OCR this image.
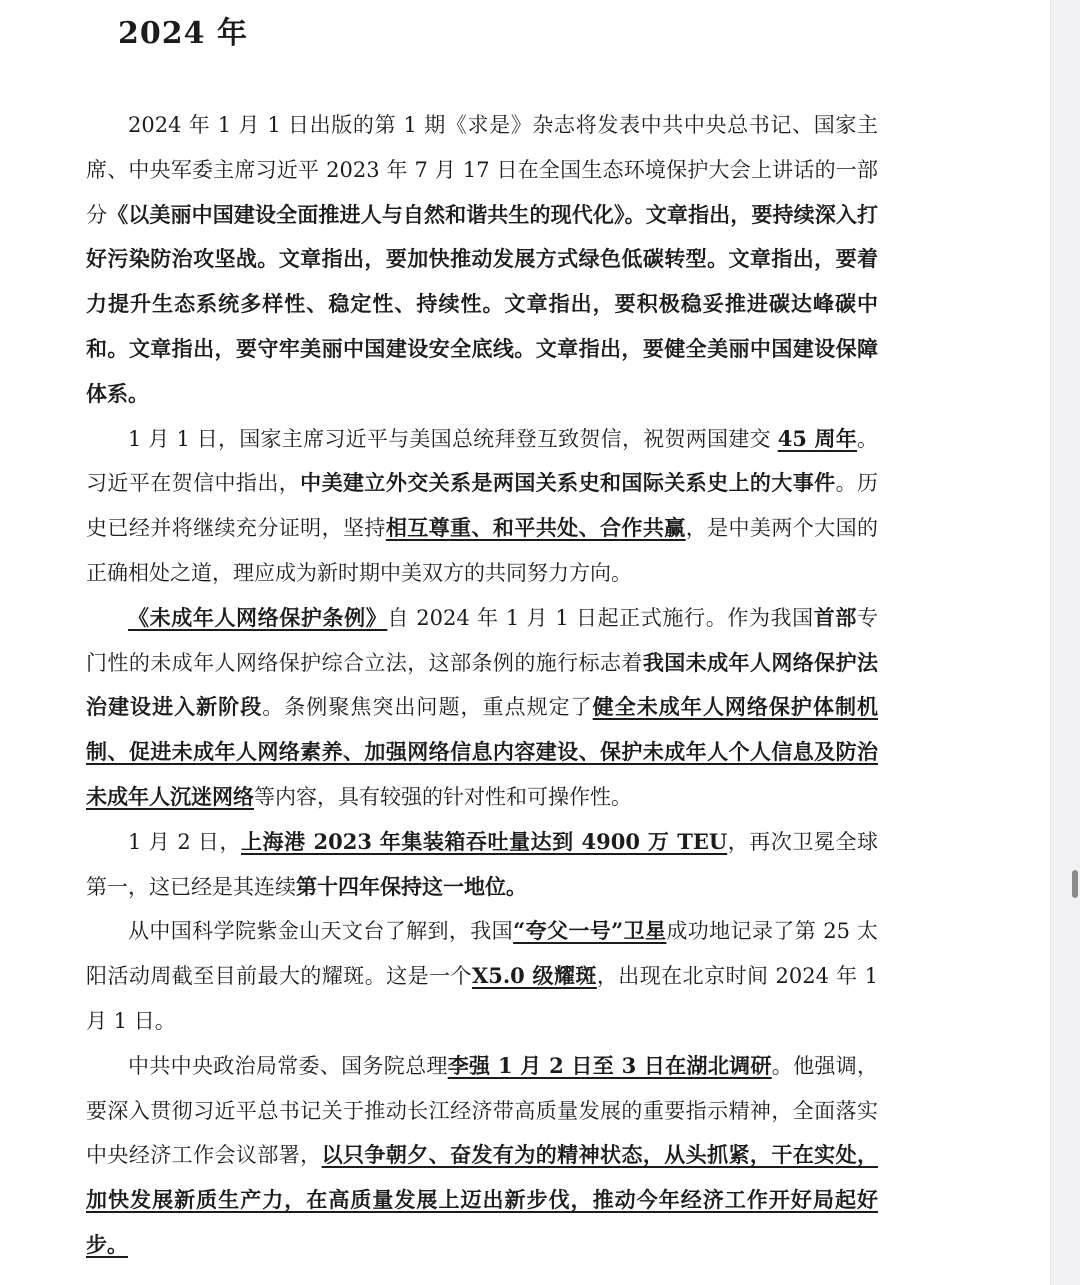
2024 年

2024 年 1 月 1 日出版的第 1 期《求是》杂志将发表中共中央总书记、国家主席、中央军委主席习近平 2023 年 7 月 17 日在全国生态环境保护大会上讲话的一部分《以美丽中国建设全面推进人与自然和谐共生的现代化》。文章指出，要持续深入打好污染防治攻坚战。文章指出，要加快推动发展方式绿色低碳转型。文章指出，要着力提升生态系统多样性、稳定性、持续性。文章指出，要积极稳妥推进碳达峰碳中和。文章指出，要守牢美丽中国建设安全底线。文章指出，要健全美丽中国建设保障体系。

1 月 1 日，国家主席习近平与美国总统拜登互致贺信，祝贺两国建交 45 周年。习近平在贺信中指出，中美建立外交关系是两国关系史和国际关系史上的大事件。历史已经并将继续充分证明，坚持相互尊重、和平共处、合作共赢，是中美两个大国的正确相处之道，理应成为新时期中美双方的共同努力方向。

《未成年人网络保护条例》自 2024 年 1 月 1 日起正式施行。作为我国首部专门性的未成年人网络保护综合立法，这部条例的施行标志着我国未成年人网络保护法治建设进入新阶段。条例聚焦突出问题，重点规定了健全未成年人网络保护体制机制、促进未成年人网络素养、加强网络信息内容建设、保护未成年人个人信息及防治未成年人沉迷网络等内容，具有较强的针对性和可操作性。

1 月 2 日，上海港 2023 年集装箱吞吐量达到 4900 万 TEU，再次卫冕全球第一，这已经是其连续第十四年保持这一地位。

从中国科学院紫金山天文台了解到，我国“夸父一号”卫星成功地记录了第 25 太阳活动周截至目前最大的耀斑。这是一个X5.0 级耀斑，出现在北京时间 2024 年 1 月 1 日。

中共中央政治局常委、国务院总理李强 1 月 2 日至 3 日在湖北调研。他强调，要深入贯彻习近平总书记关于推动长江经济带高质量发展的重要指示精神，全面落实中央经济工作会议部署，以只争朝夕、奋发有为的精神状态，从头抓紧，干在实处，加快发展新质生产力，在高质量发展上迈出新步伐，推动今年经济工作开好局起好步。
